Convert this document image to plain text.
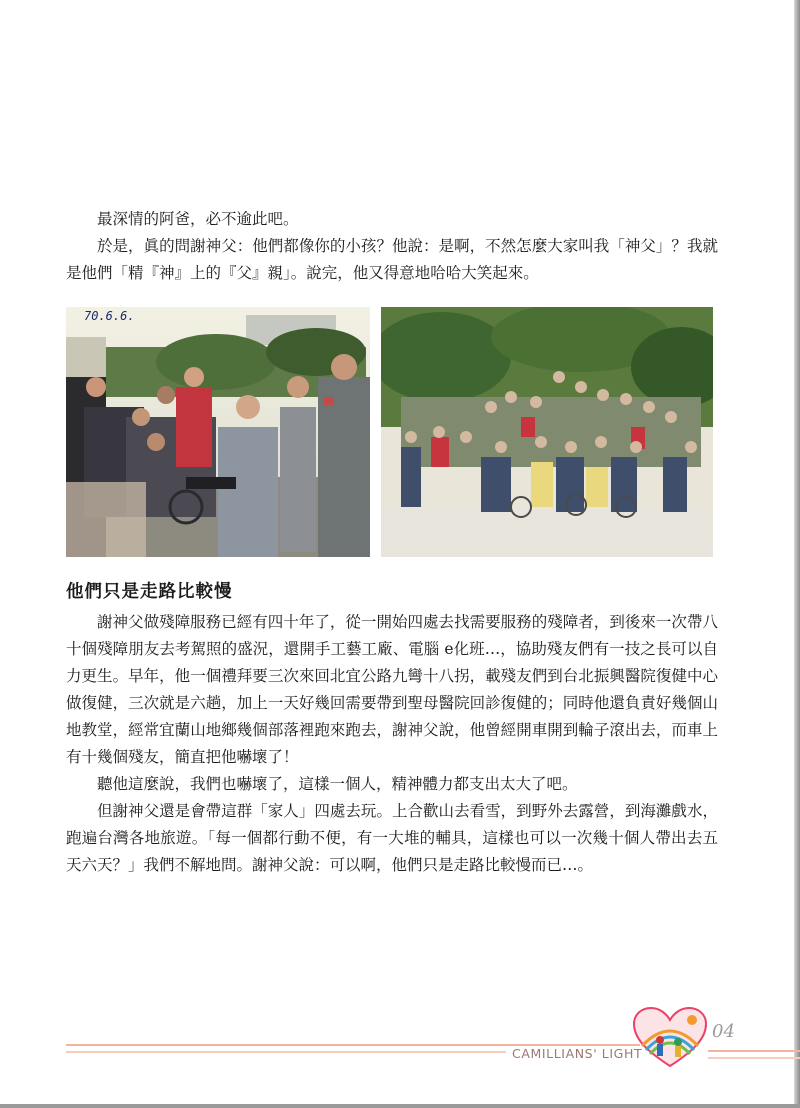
最深情的阿爸，必不逾此吧。

於是，眞的問謝神父：他們都像你的小孩？他說：是啊，不然怎麼大家叫我「神父」？我就是他們「精『神』上的『父』親」。說完，他又得意地哈哈大笑起來。

70.6.6.
他們只是走路比較慢

謝神父做殘障服務已經有四十年了，從一開始四處去找需要服務的殘障者，到後來一次帶八十個殘障朋友去考駕照的盛況，還開手工藝工廠、電腦 e化班…，協助殘友們有一技之長可以自力更生。早年，他一個禮拜要三次來回北宜公路九彎十八拐，載殘友們到台北振興醫院復健中心做復健，三次就是六趟，加上一天好幾回需要帶到聖母醫院回診復健的；同時他還負責好幾個山地教堂，經常宜蘭山地鄉幾個部落裡跑來跑去，謝神父說，他曾經開車開到輪子滾出去，而車上有十幾個殘友，簡直把他嚇壞了！

聽他這麼說，我們也嚇壞了，這樣一個人，精神體力都支出太大了吧。

但謝神父還是會帶這群「家人」四處去玩。上合歡山去看雪，到野外去露營，到海灘戲水，跑遍台灣各地旅遊。「每一個都行動不便，有一大堆的輔具，這樣也可以一次幾十個人帶出去五天六天？」我們不解地問。謝神父說：可以啊，他們只是走路比較慢而已…。

CAMILLIANS' LIGHT
04
